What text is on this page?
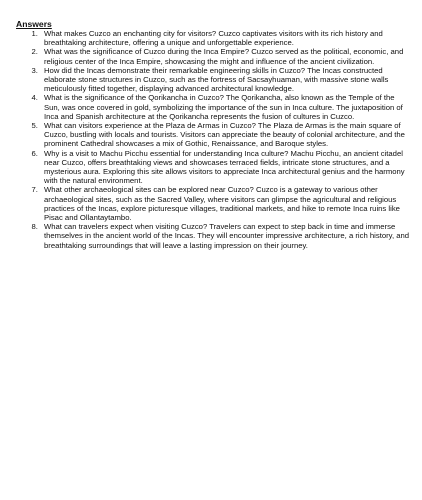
Answers

1. What makes Cuzco an enchanting city for visitors? Cuzco captivates visitors with its rich history and breathtaking architecture, offering a unique and unforgettable experience.
2. What was the significance of Cuzco during the Inca Empire? Cuzco served as the political, economic, and religious center of the Inca Empire, showcasing the might and influence of the ancient civilization.
3. How did the Incas demonstrate their remarkable engineering skills in Cuzco? The Incas constructed elaborate stone structures in Cuzco, such as the fortress of Sacsayhuaman, with massive stone walls meticulously fitted together, displaying advanced architectural knowledge.
4. What is the significance of the Qorikancha in Cuzco? The Qorikancha, also known as the Temple of the Sun, was once covered in gold, symbolizing the importance of the sun in Inca culture. The juxtaposition of Inca and Spanish architecture at the Qorikancha represents the fusion of cultures in Cuzco.
5. What can visitors experience at the Plaza de Armas in Cuzco? The Plaza de Armas is the main square of Cuzco, bustling with locals and tourists. Visitors can appreciate the beauty of colonial architecture, and the prominent Cathedral showcases a mix of Gothic, Renaissance, and Baroque styles.
6. Why is a visit to Machu Picchu essential for understanding Inca culture? Machu Picchu, an ancient citadel near Cuzco, offers breathtaking views and showcases terraced fields, intricate stone structures, and a mysterious aura. Exploring this site allows visitors to appreciate Inca architectural genius and the harmony with the natural environment.
7. What other archaeological sites can be explored near Cuzco? Cuzco is a gateway to various other archaeological sites, such as the Sacred Valley, where visitors can glimpse the agricultural and religious practices of the Incas, explore picturesque villages, traditional markets, and hike to remote Inca ruins like Pisac and Ollantaytambo.
8. What can travelers expect when visiting Cuzco? Travelers can expect to step back in time and immerse themselves in the ancient world of the Incas. They will encounter impressive architecture, a rich history, and breathtaking surroundings that will leave a lasting impression on their journey.
